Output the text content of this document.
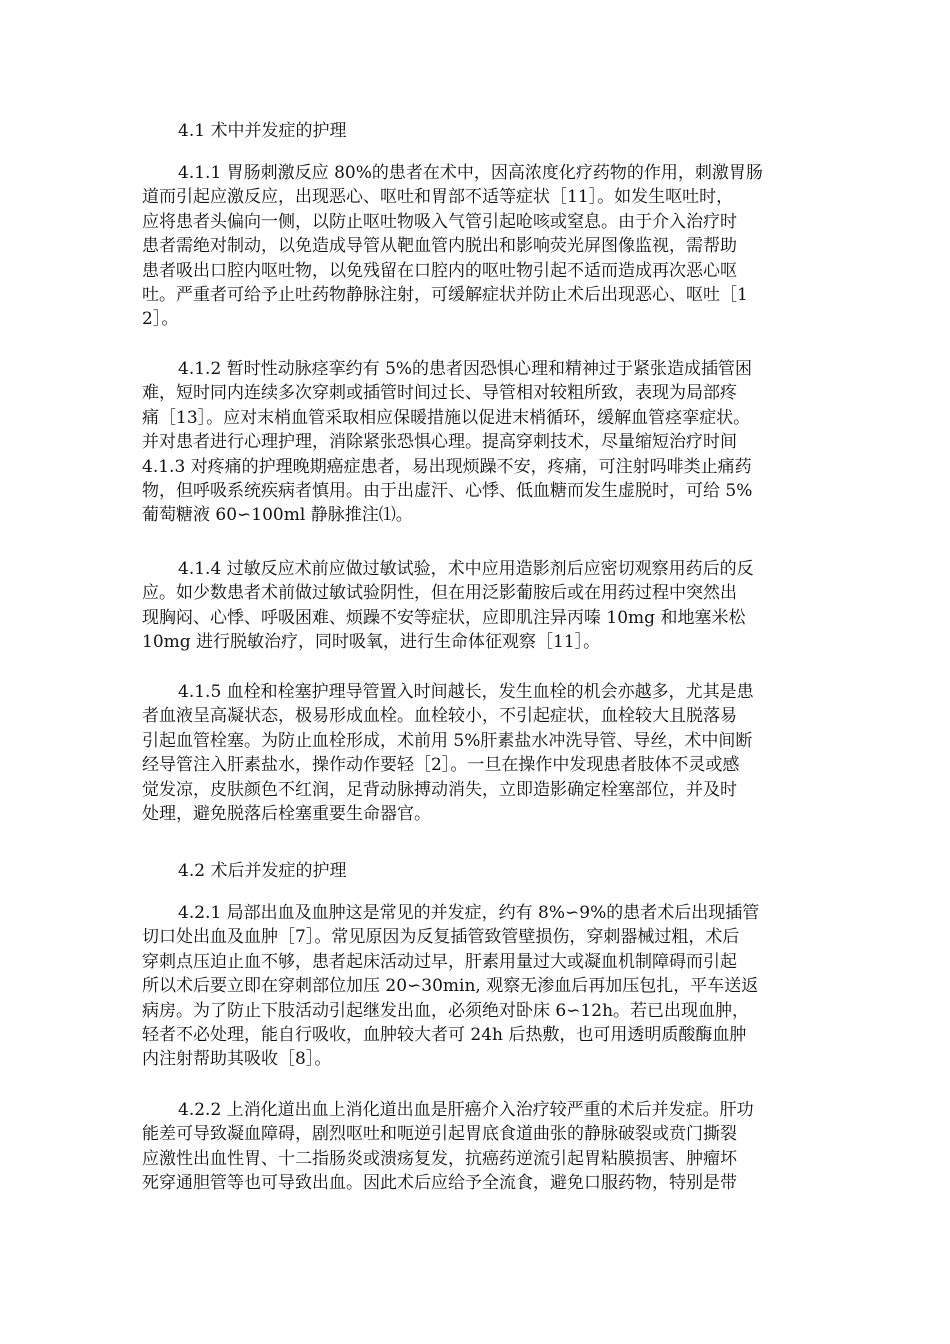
4.1 术中并发症的护理
4.1.1 胃肠刺激反应 80%的患者在术中，因高浓度化疗药物的作用，刺激胃肠
道而引起应激反应，出现恶心、呕吐和胃部不适等症状［11］。如发生呕吐时，
应将患者头偏向一侧，以防止呕吐物吸入气管引起呛咳或窒息。由于介入治疗时
患者需绝对制动，以免造成导管从靶血管内脱出和影响荧光屏图像监视，需帮助
患者吸出口腔内呕吐物，以免残留在口腔内的呕吐物引起不适而造成再次恶心呕
吐。严重者可给予止吐药物静脉注射，可缓解症状并防止术后出现恶心、呕吐［1
2］。
4.1.2 暂时性动脉痉挛约有 5%的患者因恐惧心理和精神过于紧张造成插管困
难，短时同内连续多次穿刺或插管时间过长、导管相对较粗所致，表现为局部疼
痛［13］。应对末梢血管采取相应保暖措施以促进末梢循环，缓解血管痉挛症状。
并对患者进行心理护理，消除紧张恐惧心理。提高穿刺技术，尽量缩短治疗时间
4.1.3 对疼痛的护理晚期癌症患者，易出现烦躁不安，疼痛，可注射吗啡类止痛药
物，但呼吸系统疾病者慎用。由于出虚汗、心悸、低血糖而发生虚脱时，可给 5%
葡萄糖液 60∽100ml 静脉推注⑴。
4.1.4 过敏反应术前应做过敏试验，术中应用造影剂后应密切观察用药后的反
应。如少数患者术前做过敏试验阴性，但在用泛影葡胺后或在用药过程中突然出
现胸闷、心悸、呼吸困难、烦躁不安等症状，应即肌注异丙嗪 10mg 和地塞米松
10mg 进行脱敏治疗，同时吸氧，进行生命体征观察［11］。
4.1.5 血栓和栓塞护理导管置入时间越长，发生血栓的机会亦越多，尤其是患
者血液呈高凝状态，极易形成血栓。血栓较小，不引起症状，血栓较大且脱落易
引起血管栓塞。为防止血栓形成，术前用 5%肝素盐水冲洗导管、导丝，术中间断
经导管注入肝素盐水，操作动作要轻［2］。一旦在操作中发现患者肢体不灵或感
觉发凉，皮肤颜色不红润，足背动脉搏动消失，立即造影确定栓塞部位，并及时
处理，避免脱落后栓塞重要生命器官。
4.2 术后并发症的护理
4.2.1 局部出血及血肿这是常见的并发症，约有 8%∽9%的患者术后出现插管
切口处出血及血肿［7］。常见原因为反复插管致管壁损伤，穿刺器械过粗，术后
穿刺点压迫止血不够，患者起床活动过早，肝素用量过大或凝血机制障碍而引起
所以术后要立即在穿刺部位加压 20∽30min, 观察无渗血后再加压包扎，平车送返
病房。为了防止下肢活动引起继发出血，必须绝对卧床 6∽12h。若已出现血肿，
轻者不必处理，能自行吸收，血肿较大者可 24h 后热敷，也可用透明质酸酶血肿
内注射帮助其吸收［8］。
4.2.2 上消化道出血上消化道出血是肝癌介入治疗较严重的术后并发症。肝功
能差可导致凝血障碍，剧烈呕吐和呃逆引起胃底食道曲张的静脉破裂或贲门撕裂
应激性出血性胃、十二指肠炎或溃疡复发，抗癌药逆流引起胃粘膜损害、肿瘤坏
死穿通胆管等也可导致出血。因此术后应给予全流食，避免口服药物，特别是带
